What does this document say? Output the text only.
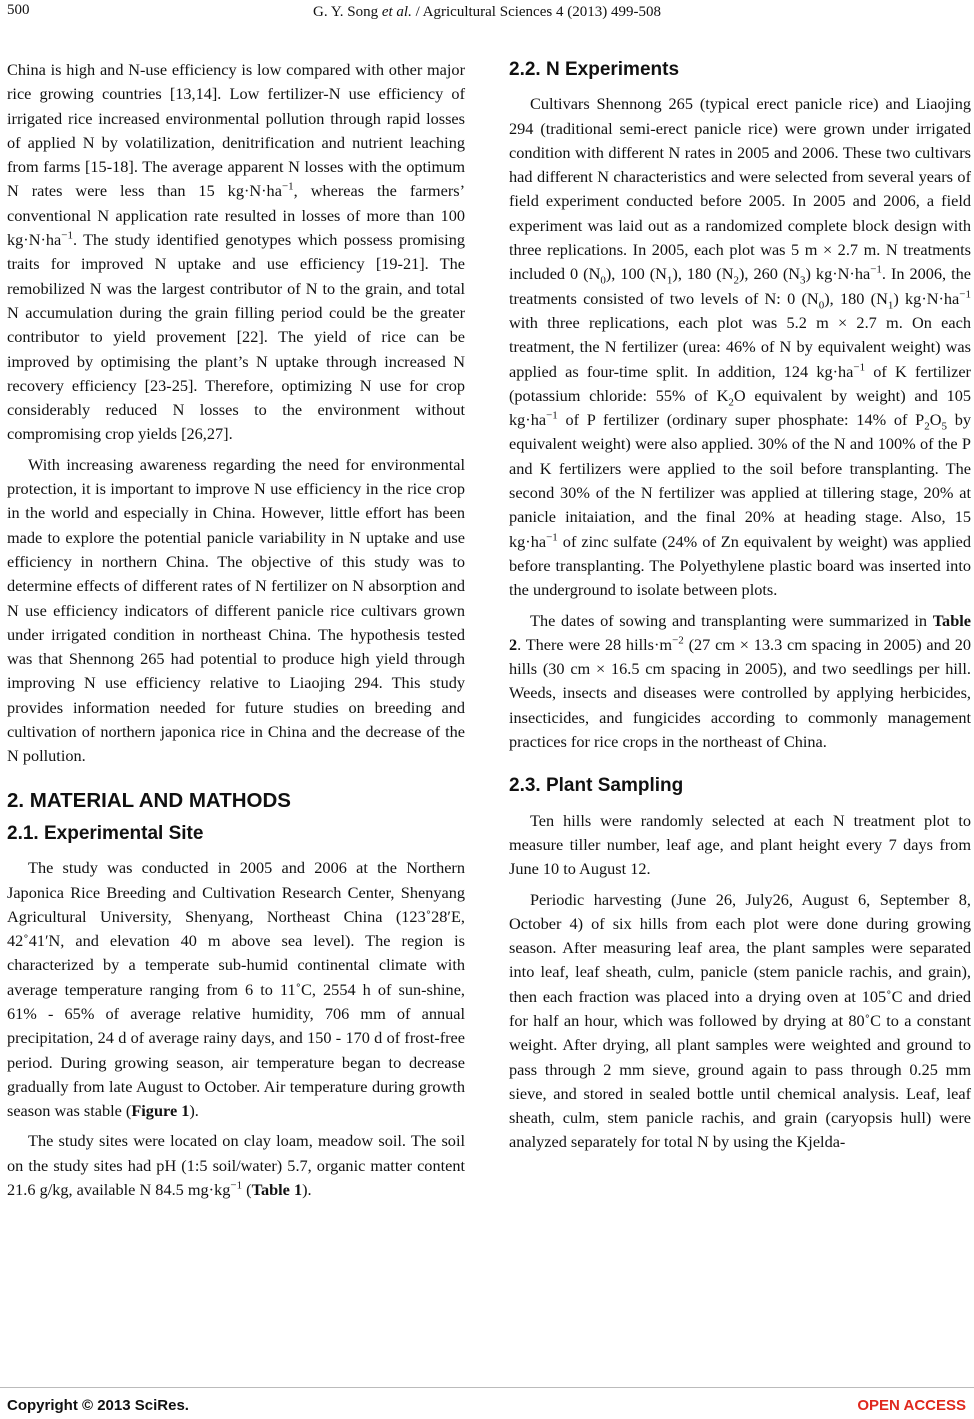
500	G. Y. Song et al. / Agricultural Sciences 4 (2013) 499-508

China is high and N-use efficiency is low compared with other major rice growing countries [13,14]. Low fertilizer-N use efficiency of irrigated rice increased environmental pollution through rapid losses of applied N by volatilization, denitrification and nutrient leaching from farms [15-18]. The average apparent N losses with the optimum N rates were less than 15 $kg\cdot N\cdot ha^{-1}$, whereas the farmers’ conventional N application rate resulted in losses of more than 100 $kg\cdot N\cdot ha^{-1}$. The study identified genotypes which possess promising traits for improved N uptake and use efficiency [19-21]. The remobilized N was the largest contributor of N to the grain, and total N accumulation during the grain filling period could be the greater contributor to yield provement [22]. The yield of rice can be improved by optimising the plant’s N uptake through increased N recovery efficiency [23-25]. Therefore, optimizing N use for crop considerably reduced N losses to the environment without compromising crop yields [26,27].

With increasing awareness regarding the need for environmental protection, it is important to improve N use efficiency in the rice crop in the world and especially in China. However, little effort has been made to explore the potential panicle variability in N uptake and use efficiency in northern China. The objective of this study was to determine effects of different rates of N fertilizer on N absorption and N use efficiency indicators of different panicle rice cultivars grown under irrigated condition in northeast China. The hypothesis tested was that Shennong 265 had potential to produce high yield through improving N use efficiency relative to Liaojing 294. This study provides information needed for future studies on breeding and cultivation of northern japonica rice in China and the decrease of the N pollution.

2. MATERIAL AND MATHODS
2.1. Experimental Site

The study was conducted in 2005 and 2006 at the Northern Japonica Rice Breeding and Cultivation Research Center, Shenyang Agricultural University, Shenyang, Northeast China (123˚28′E, 42˚41′N, and elevation 40 m above sea level). The region is characterized by a temperate sub-humid continental climate with average temperature ranging from 6 to 11˚C, 2554 h of sun-shine, 61% - 65% of average relative humidity, 706 mm of annual precipitation, 24 d of average rainy days, and 150 - 170 d of frost-free period. During growing season, air temperature began to decrease gradually from late August to October. Air temperature during growth season was stable (Figure 1).

The study sites were located on clay loam, meadow soil. The soil on the study sites had pH (1:5 soil/water) 5.7, organic matter content 21.6 g/kg, available N 84.5 $mg\cdot kg^{-1}$ (Table 1).

2.2. N Experiments

Cultivars Shennong 265 (typical erect panicle rice) and Liaojing 294 (traditional semi-erect panicle rice) were grown under irrigated condition with different N rates in 2005 and 2006. These two cultivars had different N characteristics and were selected from several years of field experiment conducted before 2005. In 2005 and 2006, a field experiment was laid out as a randomized complete block design with three replications. In 2005, each plot was 5 m × 2.7 m. N treatments included 0 $(N_0)$, 100 $(N_1)$, 180 $(N_2)$, 260 $(N_3)$ $kg\cdot N\cdot ha^{-1}$. In 2006, the treatments consisted of two levels of N: 0 $(N_0)$, 180 $(N_1)$ $kg\cdot N\cdot ha^{-1}$ with three replications, each plot was 5.2 m × 2.7 m. On each treatment, the N fertilizer (urea: 46% of N by equivalent weight) was applied as four-time split. In addition, 124 $kg\cdot ha^{-1}$ of K fertilizer (potassium chloride: 55% of $K_2O$ equivalent by weight) and 105 $kg\cdot ha^{-1}$ of P fertilizer (ordinary super phosphate: 14% of $P_2O_5$ by equivalent weight) were also applied. 30% of the N and 100% of the P and K fertilizers were applied to the soil before transplanting. The second 30% of the N fertilizer was applied at tillering stage, 20% at panicle initaiation, and the final 20% at heading stage. Also, 15 $kg\cdot ha^{-1}$ of zinc sulfate (24% of Zn equivalent by weight) was applied before transplanting. The Polyethylene plastic board was inserted into the underground to isolate between plots.

The dates of sowing and transplanting were summarized in Table 2. There were 28 $hills\cdot m^{-2}$ (27 cm × 13.3 cm spacing in 2005) and 20 hills (30 cm × 16.5 cm spacing in 2005), and two seedlings per hill. Weeds, insects and diseases were controlled by applying herbicides, insecticides, and fungicides according to commonly management practices for rice crops in the northeast of China.

2.3. Plant Sampling

Ten hills were randomly selected at each N treatment plot to measure tiller number, leaf age, and plant height every 7 days from June 10 to August 12.

Periodic harvesting (June 26, July26, August 6, September 8, October 4) of six hills from each plot were done during growing season. After measuring leaf area, the plant samples were separated into leaf, leaf sheath, culm, panicle (stem panicle rachis, and grain), then each fraction was placed into a drying oven at 105˚C and dried for half an hour, which was followed by drying at 80˚C to a constant weight. After drying, all plant samples were weighted and ground to pass through 2 mm sieve, ground again to pass through 0.25 mm sieve, and stored in sealed bottle until chemical analysis. Leaf, leaf sheath, culm, stem panicle rachis, and grain (caryopsis hull) were analyzed separately for total N by using the Kjelda-

Copyright © 2013 SciRes.	OPEN ACCESS
